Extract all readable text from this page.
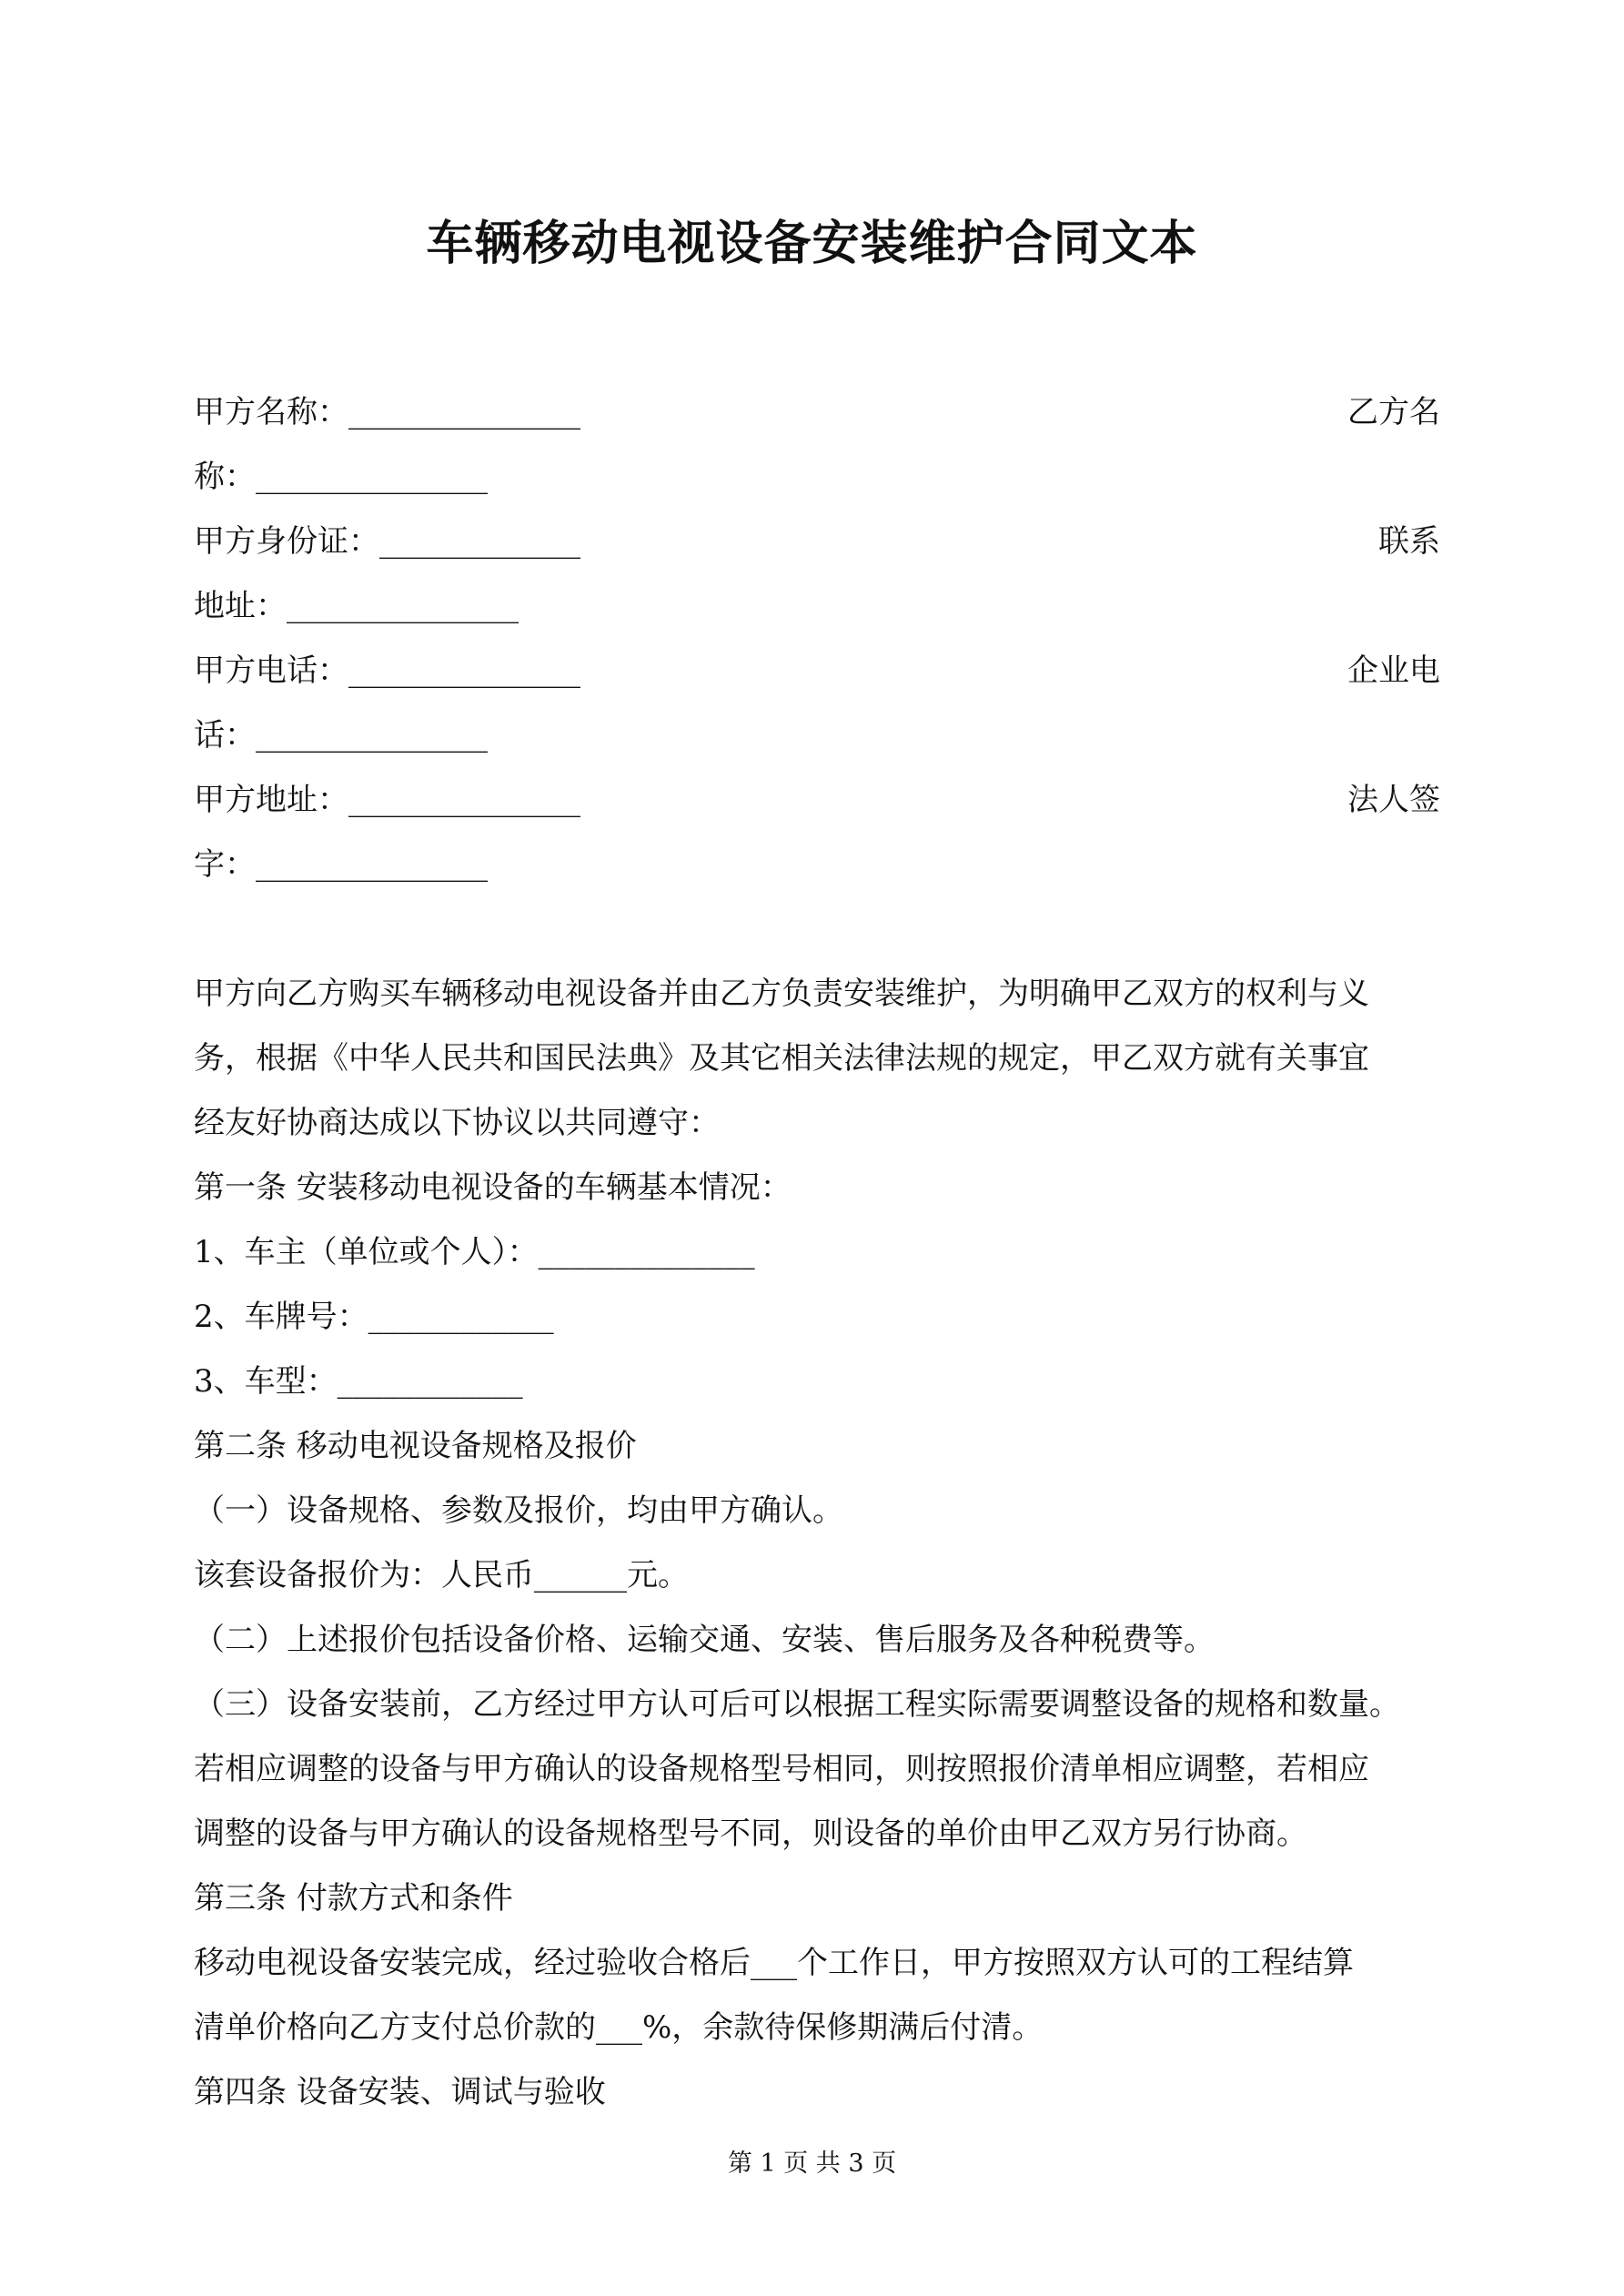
车辆移动电视设备安装维护合同文本
甲方名称：_______________	乙方名
称：_______________
甲方身份证：_____________	联系
地址：_______________
甲方电话：_______________	企业电
话：_______________
甲方地址：_______________	法人签
字：_______________
甲方向乙方购买车辆移动电视设备并由乙方负责安装维护，为明确甲乙双方的权利与义
务，根据《中华人民共和国民法典》及其它相关法律法规的规定，甲乙双方就有关事宜
经友好协商达成以下协议以共同遵守：
第一条 安装移动电视设备的车辆基本情况：
1、车主（单位或个人）：______________
2、车牌号：____________
3、车型：____________
第二条 移动电视设备规格及报价
（一）设备规格、参数及报价，均由甲方确认。
该套设备报价为：人民币______元。
（二）上述报价包括设备价格、运输交通、安装、售后服务及各种税费等。
（三）设备安装前，乙方经过甲方认可后可以根据工程实际需要调整设备的规格和数量。
若相应调整的设备与甲方确认的设备规格型号相同，则按照报价清单相应调整，若相应
调整的设备与甲方确认的设备规格型号不同，则设备的单价由甲乙双方另行协商。
第三条 付款方式和条件
移动电视设备安装完成，经过验收合格后___个工作日，甲方按照双方认可的工程结算
清单价格向乙方支付总价款的___%，余款待保修期满后付清。
第四条 设备安装、调试与验收
第 1 页 共 3 页
